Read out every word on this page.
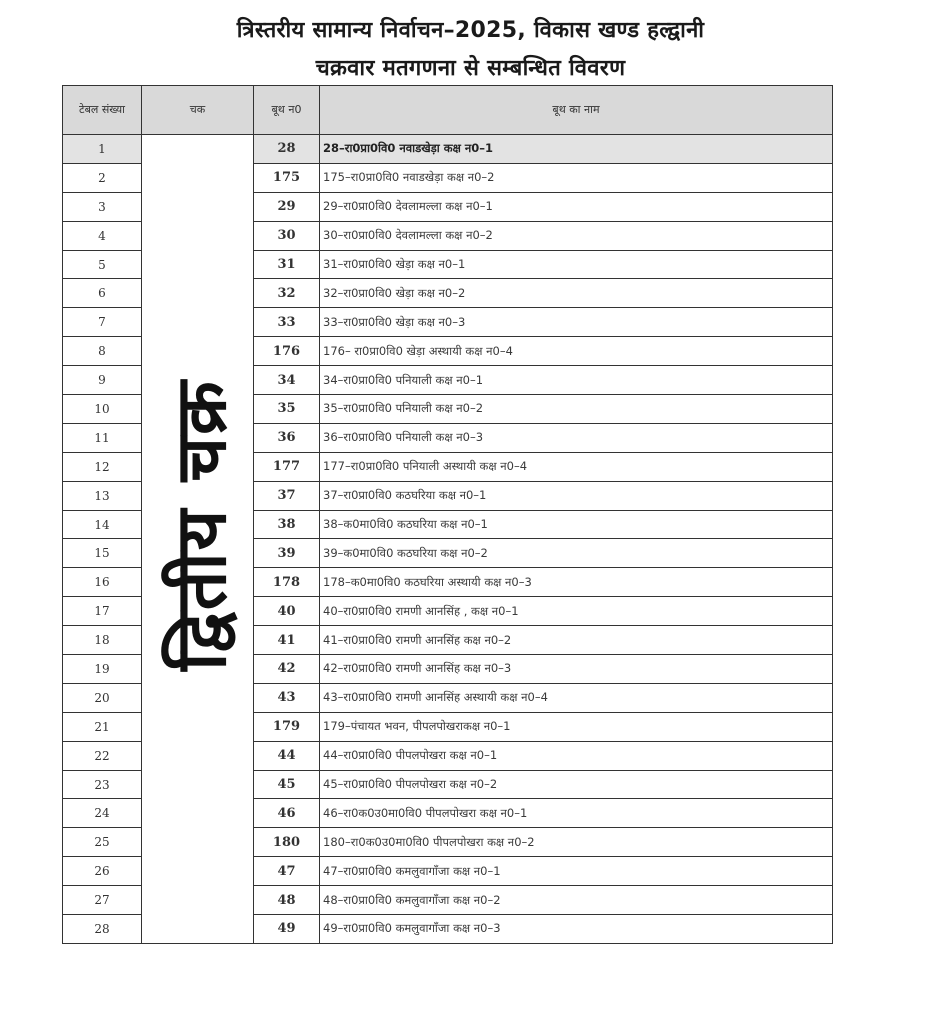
त्रिस्तरीय सामान्य निर्वाचन–2025, विकास खण्ड हल्द्वानी
चक्रवार मतगणना से सम्बन्धित विवरण
टेबल संख्या	चक	बूथ न0	बूथ का नाम
1	द्वितीय चक्र	28	28–रा0प्रा0वि0 नवाडखेड़ा कक्ष न0–1
2		175	175–रा0प्रा0वि0 नवाडखेड़ा कक्ष न0–2
3		29	29–रा0प्रा0वि0 देवलामल्ला कक्ष न0–1
4		30	30–रा0प्रा0वि0 देवलामल्ला कक्ष न0–2
5		31	31–रा0प्रा0वि0 खेड़ा कक्ष न0–1
6		32	32–रा0प्रा0वि0 खेड़ा कक्ष न0–2
7		33	33–रा0प्रा0वि0 खेड़ा कक्ष न0–3
8		176	176– रा0प्रा0वि0 खेड़ा अस्थायी कक्ष न0–4
9		34	34–रा0प्रा0वि0 पनियाली कक्ष न0–1
10		35	35–रा0प्रा0वि0 पनियाली कक्ष न0–2
11		36	36–रा0प्रा0वि0 पनियाली कक्ष न0–3
12		177	177–रा0प्रा0वि0 पनियाली अस्थायी कक्ष न0–4
13		37	37–रा0प्रा0वि0 कठघरिया कक्ष न0–1
14		38	38–क0मा0वि0 कठघरिया कक्ष न0–1
15		39	39–क0मा0वि0 कठघरिया कक्ष न0–2
16		178	178–क0मा0वि0 कठघरिया अस्थायी कक्ष न0–3
17		40	40–रा0प्रा0वि0 रामणी आनसिंह , कक्ष न0–1
18		41	41–रा0प्रा0वि0 रामणी आनसिंह कक्ष न0–2
19		42	42–रा0प्रा0वि0 रामणी आनसिंह कक्ष न0–3
20		43	43–रा0प्रा0वि0 रामणी आनसिंह अस्थायी कक्ष न0–4
21		179	179–पंचायत भवन, पीपलपोखराकक्ष न0–1
22		44	44–रा0प्रा0वि0 पीपलपोखरा कक्ष न0–1
23		45	45–रा0प्रा0वि0 पीपलपोखरा कक्ष न0–2
24		46	46–रा0क0उ0मा0वि0 पीपलपोखरा कक्ष न0–1
25		180	180–रा0क0उ0मा0वि0 पीपलपोखरा कक्ष न0–2
26		47	47–रा0प्रा0वि0 कमलुवागाँजा कक्ष न0–1
27		48	48–रा0प्रा0वि0 कमलुवागाँजा कक्ष न0–2
28		49	49–रा0प्रा0वि0 कमलुवागाँजा कक्ष न0–3
